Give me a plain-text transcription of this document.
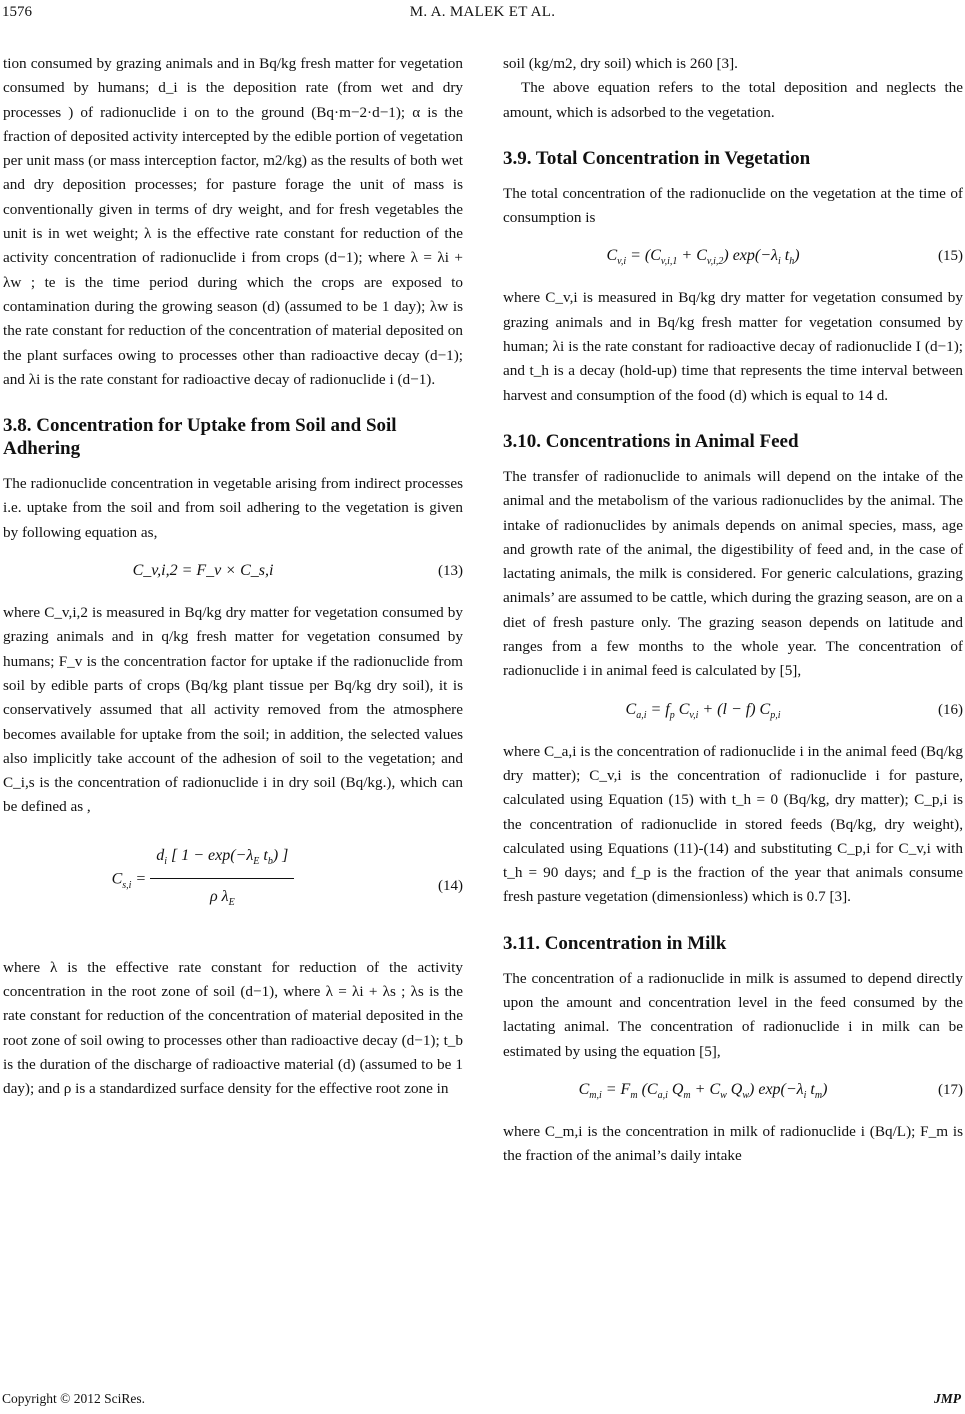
1576	M. A. MALEK ET AL.

tion consumed by grazing animals and in Bq/kg fresh matter for vegetation consumed by humans; d_i is the deposition rate (from wet and dry processes ) of radionuclide i on to the ground (Bq·m−2·d−1); α is the fraction of deposited activity intercepted by the edible portion of vegetation per unit mass (or mass interception factor, m2/kg) as the results of both wet and dry deposition processes; for pasture forage the unit of mass is conventionally given in terms of dry weight, and for fresh vegetables the unit is in wet weight; λ is the effective rate constant for reduction of the activity concentration of radionuclide i from crops (d−1); where λ = λi + λw ; te is the time period during which the crops are exposed to contamination during the growing season (d) (assumed to be 1 day); λw is the rate constant for reduction of the concentration of material deposited on the plant surfaces owing to processes other than radioactive decay (d−1); and λi is the rate constant for radioactive decay of radionuclide i (d−1).

3.8. Concentration for Uptake from Soil and Soil Adhering

The radionuclide concentration in vegetable arising from indirect processes i.e. uptake from the soil and from soil adhering to the vegetation is given by following equation as,

C_v,i,2 = F_v × C_s,i	(13)

where C_v,i,2 is measured in Bq/kg dry matter for vegetation consumed by grazing animals and in q/kg fresh matter for vegetation consumed by humans; F_v is the concentration factor for uptake if the radionuclide from soil by edible parts of crops (Bq/kg plant tissue per Bq/kg dry soil), it is conservatively assumed that all activity removed from the atmosphere becomes available for uptake from the soil; in addition, the selected values also implicitly take account of the adhesion of soil to the vegetation; and C_i,s is the concentration of radionuclide i in dry soil (Bq/kg.), which can be defined as ,

$C_{s,i} = \frac{d_i [ 1 - \exp(-\lambda_E t_b) ]}{\rho \lambda_E}$	(14)

where λ is the effective rate constant for reduction of the activity concentration in the root zone of soil (d−1), where λ = λi + λs ; λs is the rate constant for reduction of the concentration of material deposited in the root zone of soil owing to processes other than radioactive decay (d−1); t_b is the duration of the discharge of radioactive material (d) (assumed to be 1 day); and ρ is a standardized surface density for the effective root zone in

soil (kg/m2, dry soil) which is 260 [3].

The above equation refers to the total deposition and neglects the amount, which is adsorbed to the vegetation.

3.9. Total Concentration in Vegetation

The total concentration of the radionuclide on the vegetation at the time of consumption is

$C_{v,i} = (C_{v,i,1} + C_{v,i,2})$ $\exp(-\lambda_i$ $t_h$)	(15)

where C_v,i is measured in Bq/kg dry matter for vegetation consumed by grazing animals and in Bq/kg fresh matter for vegetation consumed by human; λi is the rate constant for radioactive decay of radionuclide I (d−1); and t_h is a decay (hold-up) time that represents the time interval between harvest and consumption of the food (d) which is equal to 14 d.

3.10. Concentrations in Animal Feed

The transfer of radionuclide to animals will depend on the intake of the animal and the metabolism of the various radionuclides by the animal. The intake of radionuclides by animals depends on animal species, mass, age and growth rate of the animal, the digestibility of feed and, in the case of lactating animals, the milk is considered. For generic calculations, grazing animals’ are assumed to be cattle, which during the grazing season, are on a diet of fresh pasture only. The grazing season depends on latitude and ranges from a few months to the whole year. The concentration of radionuclide i in animal feed is calculated by [5],

$C_{a,i} = f_p$ $C_{v,i} + (l - f)$ $C_{p,i}$	(16)

where C_a,i is the concentration of radionuclide i in the animal feed (Bq/kg dry matter); C_v,i is the concentration of radionuclide i for pasture, calculated using Equation (15) with t_h = 0 (Bq/kg, dry matter); C_p,i is the concentration of radionuclide in stored feeds (Bq/kg, dry weight), calculated using Equations (11)-(14) and substituting C_p,i for C_v,i with t_h = 90 days; and f_p is the fraction of the year that animals consume fresh pasture vegetation (dimensionless) which is 0.7 [3].

3.11. Concentration in Milk

The concentration of a radionuclide in milk is assumed to depend directly upon the amount and concentration level in the feed consumed by the lactating animal. The concentration of radionuclide i in milk can be estimated by using the equation [5],

$C_{m,i} = F_m$ ($C_{a,i}$ $Q_m + C_w$ $Q_w$) $\exp(-\lambda_i$ $t_m$)	(17)

where C_m,i is the concentration in milk of radionuclide i (Bq/L); F_m is the fraction of the animal’s daily intake

Copyright © 2012 SciRes.	JMP
